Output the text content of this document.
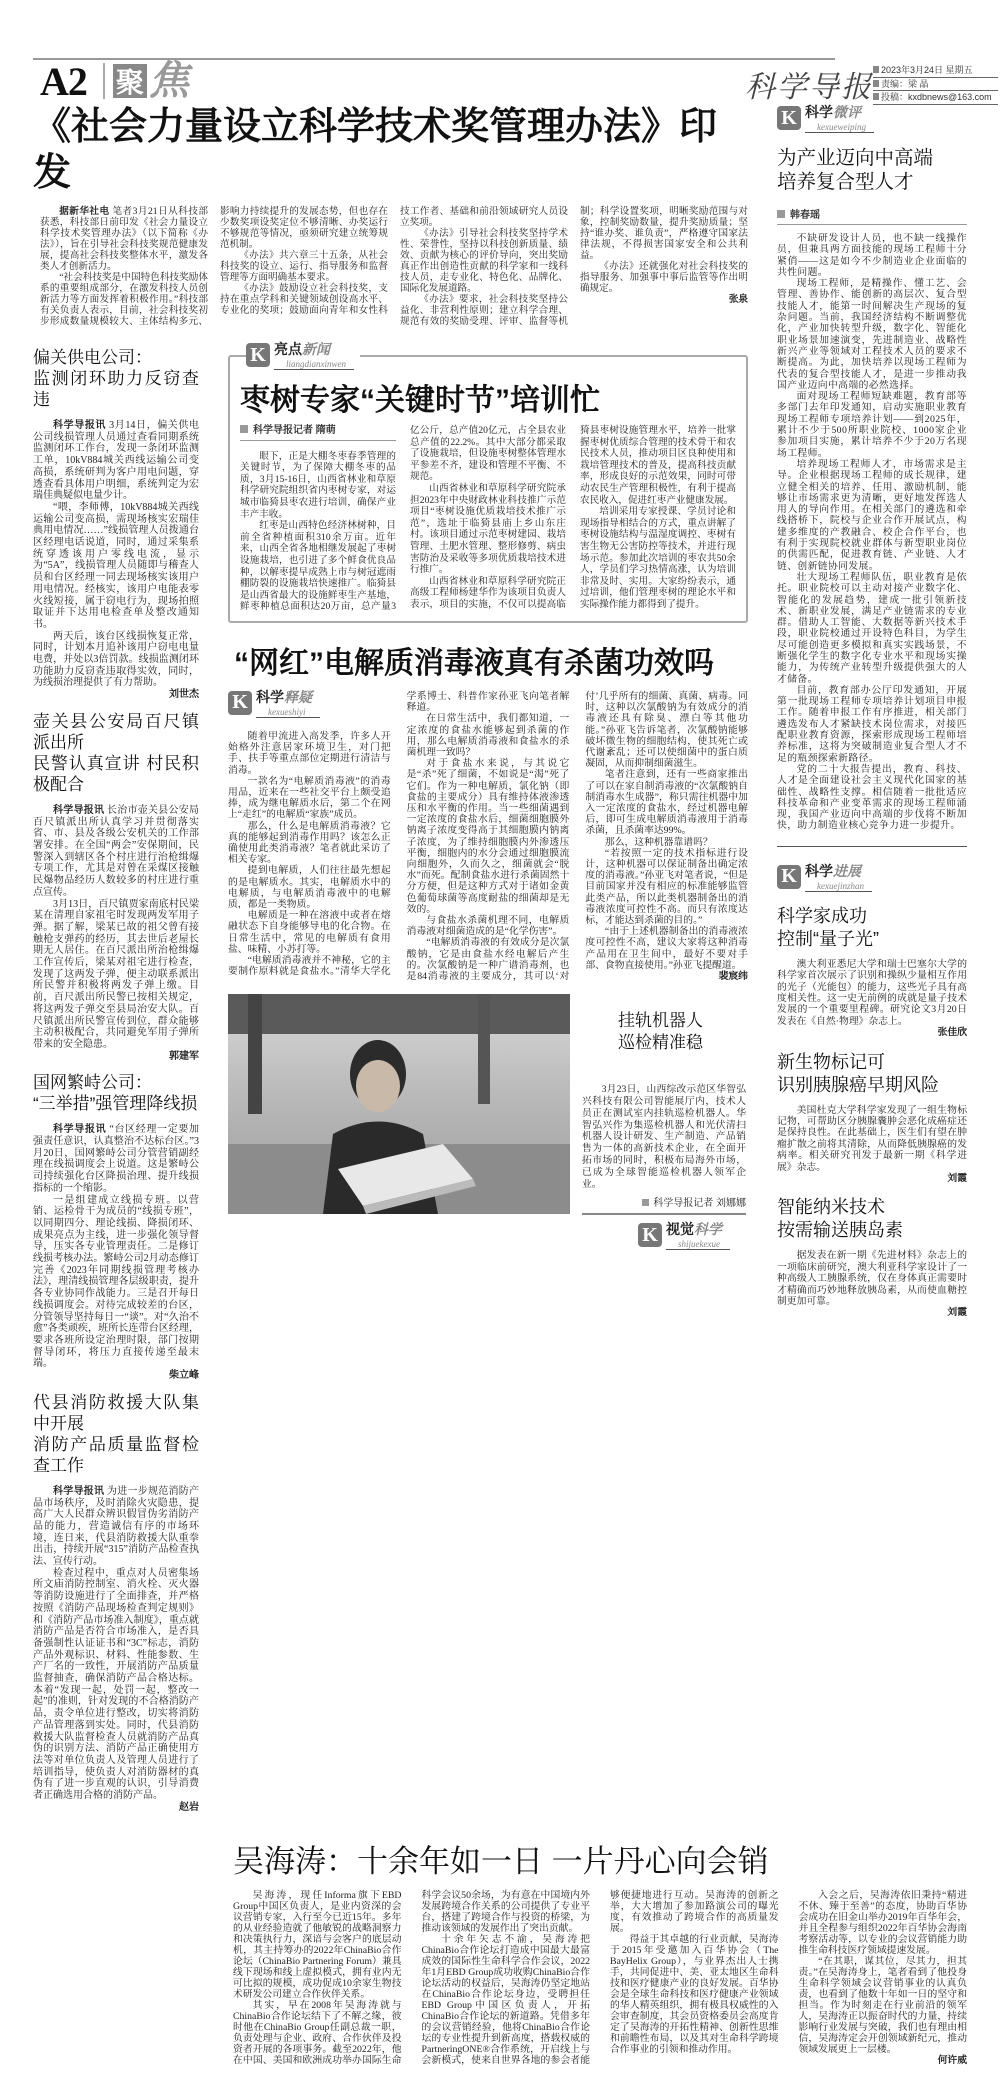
A2 聚 焦	科学导报
2023年3月24日 星期五
责编：梁 晶
投稿：kxdbnews@163.com
《社会力量设立科学技术奖管理办法》印发

据新华社电 笔者3月21日从科技部获悉，科技部日前印发《社会力量设立科学技术奖管理办法》（以下简称《办法》），旨在引导社会科技奖规范健康发展，提高社会科技奖整体水平，激发各类人才创新活力。

“社会科技奖是中国特色科技奖励体系的重要组成部分，在激发科技人员创新活力等方面发挥着积极作用。”科技部有关负责人表示，目前，社会科技奖初步形成数量规模较大、主体结构多元、影响力持续提升的发展态势，但也存在少数奖项设奖定位不够清晰、办奖运行不够规范等情况，亟须研究建立统筹规范机制。

《办法》共六章三十五条，从社会科技奖的设立、运行、指导服务和监督管理等方面明确基本要求。

《办法》鼓励设立社会科技奖，支持在重点学科和关键领域创设高水平、专业化的奖项；鼓励面向青年和女性科技工作者、基础和前沿领域研究人员设立奖项。

《办法》引导社会科技奖坚持学术性、荣誉性，坚持以科技创新质量、绩效、贡献为核心的评价导向，突出奖励真正作出创造性贡献的科学家和一线科技人员，走专业化、特色化、品牌化、国际化发展道路。

《办法》要求，社会科技奖坚持公益化、非营利性原则；建立科学合理、规范有效的奖励受理、评审、监督等机制；科学设置奖项，明晰奖励范围与对象，控制奖励数量，提升奖励质量；坚持“谁办奖、谁负责”，严格遵守国家法律法规，不得损害国家安全和公共利益。

《办法》还就强化对社会科技奖的指导服务、加强事中事后监管等作出明确规定。

张泉

偏关供电公司：
监测闭环助力反窃查违

科学导报讯 3月14日，偏关供电公司线损管理人员通过查看同期系统监测闭环工作台，发现一条闭环监测工单，10kV884城关西线运输公司变高损，系统研判为客户用电问题，穿透查看具体用户明细，系统判定为宏瑞佳典疑似电量少计。

“喂，李师傅，10kV884城关西线运输公司变高损，需现场核实宏瑞佳典用电情况……”线损管理人员拨通台区经理电话说道，同时，通过采集系统穿透该用户零线电流，显示为“5A”，线损管理人员随即与稽查人员和台区经理一同去现场核实该用户用电情况。经核实，该用户电能表零火线短接，属于窃电行为，现场拍照取证并下达用电检查单及整改通知书。

两天后，该台区线损恢复正常，同时，计划本月追补该用户窃电电量电费，并处以3倍罚款。线损监测闭环功能助力反窃查违取得实效，同时，为线损治理提供了有力帮助。

刘世杰

壶关县公安局百尺镇派出所
民警认真宣讲 村民积极配合

科学导报讯 长治市壶关县公安局百尺镇派出所认真学习并贯彻落实省、市、县及各级公安机关的工作部署安排。在全国“两会”安保期间，民警深入到辖区各个村庄进行治枪缉爆专项工作，尤其是对曾在采煤区接触民爆物品经历人数较多的村庄进行重点宣传。

3月13日，百尺镇贾家南底村民梁某在清理自家祖宅时发现两发军用子弹。据了解，梁某已故的祖父曾有接触枪支弹药的经历，其去世后老屋长期无人居住。在百尺派出所治枪缉爆工作宣传后，梁某对祖宅进行检查，发现了这两发子弹，便主动联系派出所民警并积极将两发子弹上缴。目前，百尺派出所民警已按相关规定，将这两发子弹交至县局治安大队。百尺镇派出所民警宣传到位，群众能够主动积极配合，共同避免军用子弹所带来的安全隐患。

郭建军

国网繁峙公司：
“三举措”强管理降线损

科学导报讯 “台区经理一定要加强责任意识，认真整治不达标台区。”3月20日，国网繁峙公司分管营销副经理在线损调度会上说道。这是繁峙公司持续强化台区降损治理、提升线损指标的一个缩影。

一是组建成立线损专班。以营销、运检骨干为成员的“线损专班”，以同期四分、理论线损、降损闭环、成果亮点为主线，进一步强化领导督导，压实各专业管理责任。二是修订线损考核办法。繁峙公司2月动态修订完善《2023年同期线损管理考核办法》，理清线损管理各层级职责，提升各专业协同作战能力。三是召开每日线损调度会。对待完成较差的台区，分管领导坚持每日一“谈”。对“久治不愈”各类顽疾，班所长连带台区经理，要求各班所设定治理时限，部门按期督导闭环，将压力直接传递至最末端。

柴立峰

代县消防救援大队集中开展
消防产品质量监督检查工作

科学导报讯 为进一步规范消防产品市场秩序，及时消除火灾隐患，提高广大人民群众辨识假冒伪劣消防产品的能力，营造诚信有序的市场环境，连日来，代县消防救援大队重拳出击，持续开展“315”消防产品检查执法、宣传行动。

检查过程中，重点对人员密集场所文庙消防控制室、消火栓、灭火器等消防设施进行了全面排查，并严格按照《消防产品现场检查判定规则》和《消防产品市场准入制度》，重点就消防产品是否符合市场准入，是否具备强制性认证证书和“3C”标志，消防产品外观标识、材料、性能参数、生产厂名的一致性，开展消防产品质量监督抽查，确保消防产品合格达标。本着“发现一起，处罚一起，整改一起”的准则，针对发现的不合格消防产品，责令单位进行整改，切实将消防产品管理落到实处。同时，代县消防救援大队监督检查人员就消防产品真伪的识别方法、消防产品正确使用方法等对单位负责人及管理人员进行了培训指导，使负责人对消防器材的真伪有了进一步直观的认识，引导消费者正确选用合格的消防产品。

赵岩

K 亮点新闻
liangdianxinwen
枣树专家“关键时节”培训忙
科学导报记者 隋萌

眼下，正是大棚冬枣春季管理的关键时节，为了保障大棚冬枣的品质，3月15-16日，山西省林业和草原科学研究院组织省内枣树专家，对运城市临猗县枣农进行培训，确保产业丰产丰收。

红枣是山西特色经济林树种，目前全省种植面积310余万亩。近年来，山西全省各地相继发展起了枣树设施栽培，也引进了多个鲜食优良品种，以解枣提早成熟上市与树冠遮雨棚防裂的设施栽培快速推广。临猗县是山西省最大的设施鲜枣生产基地，鲜枣种植总面积达20万亩，总产量3亿公斤，总产值20亿元，占全县农业总产值的22.2%。其中大部分都采取了设施栽培，但设施枣树整体管理水平参差不齐，建设和管理不平衡、不规范。

山西省林业和草原科学研究院承担2023年中央财政林业科技推广示范项目“枣树设施优质栽培技术推广示范”，选址于临猗县庙上乡山东庄村。该项目通过示范枣树建园、栽培管理、土肥水管理、整形修剪、病虫害防治及采收等多项优质栽培技术进行推广。

山西省林业和草原科学研究院正高级工程师杨建华作为该项目负责人表示，项目的实施，不仅可以提高临猗县枣树设施管理水平，培养一批掌握枣树优质综合管理的技术骨干和农民技术人员，推动项目区良种使用和栽培管理技术的普及，提高科技贡献率，形成良好的示范效果，同时可带动农民生产管理积极性，有利于提高农民收入，促进红枣产业健康发展。

培训采用专家授课、学员讨论和现场指导相结合的方式，重点讲解了枣树设施结构与温湿度调控、枣树有害生物无公害防控等技术，并进行现场示范。参加此次培训的枣农共50余人，学员们学习热情高涨，认为培训非常及时、实用。大家纷纷表示，通过培训，他们管理枣树的理论水平和实际操作能力都得到了提升。

“网红”电解质消毒液真有杀菌功效吗
K 科学释疑
kexueshiyi

随着甲流进入高发季，许多人开始格外注意居家环境卫生，对门把手、扶手等重点部位定期进行清洁与消毒。

一款名为“电解质消毒液”的消毒用品，近来在一些社交平台上颇受追捧，成为继电解质水后，第二个在网上“走红”的电解质“家族”成员。

那么，什么是电解质消毒液？它真的能够起到消毒作用吗？该怎么正确使用此类消毒液？笔者就此采访了相关专家。

提到电解质，人们往往最先想起的是电解质水。其实，电解质水中的电解质，与电解质消毒液中的电解质，都是一类物质。

电解质是一种在溶液中或者在熔融状态下自身能够导电的化合物。在日常生活中，常见的电解质有食用盐、味精、小苏打等。

“电解质消毒液并不神秘，它的主要制作原料就是食盐水。”清华大学化学系博士、科普作家孙亚飞向笔者解释道。

在日常生活中，我们都知道，一定浓度的食盐水能够起到杀菌的作用，那么电解质消毒液和食盐水的杀菌机理一致吗？

对于食盐水来说，与其说它是“杀”死了细菌，不如说是“渴”死了它们。作为一种电解质，氯化钠（即食盐的主要成分）具有维持体液渗透压和水平衡的作用。当一些细菌遇到一定浓度的食盐水后，细菌细胞膜外钠离子浓度变得高于其细胞膜内钠离子浓度，为了维持细胞膜内外渗透压平衡，细胞内的水分会通过细胞膜流向细胞外，久而久之，细菌就会“脱水”而死。配制食盐水进行杀菌固然十分方便，但是这种方式对于诸如金黄色葡萄球菌等高度耐盐的细菌却是无效的。

与食盐水杀菌机理不同，电解质消毒液对细菌造成的是“化学伤害”。

“电解质消毒液的有效成分是次氯酸钠，它是由食盐水经电解后产生的。次氯酸钠是一种广谱消毒剂，也是84消毒液的主要成分，其可以‘对付’几乎所有的细菌、真菌、病毒。同时，这种以次氯酸钠为有效成分的消毒液还具有除臭、漂白等其他功能。”孙亚飞告诉笔者，次氯酸钠能够破坏微生物的细胞结构，使其死亡或代谢紊乱；还可以使细菌中的蛋白质凝固，从而抑制细菌滋生。

笔者注意到，还有一些商家推出了可以在家自制消毒液的“次氯酸钠自制消毒水生成器”，称只需往机器中加入一定浓度的食盐水，经过机器电解后，即可生成电解质消毒液用于消毒杀菌，且杀菌率达99%。

那么，这种机器靠谱吗？

“若按照一定的技术指标进行设计，这种机器可以保证制备出确定浓度的消毒液。”孙亚飞对笔者说，“但是目前国家并没有相应的标准能够监管此类产品，所以此类机器制备出的消毒液浓度可控性不高。而只有浓度达标，才能达到杀菌的目的。”

“由于上述机器制备出的消毒液浓度可控性不高，建议大家将这种消毒产品用在卫生间中，最好不要对手部、食物直接使用。”孙亚飞提醒道。

裴宸纬

挂轨机器人
巡检精准稳

3月23日，山西综改示范区华智弘兴科技有限公司智能展厅内，技术人员正在测试室内挂轨巡检机器人。华智弘兴作为集巡检机器人和光伏清扫机器人设计研发、生产制造、产品销售为一体的高新技术企业，在全面开拓市场的同时，积极布局海外市场，已成为全球智能巡检机器人领军企业。

科学导报记者 刘娜娜
K 视觉科学
shijuekexue
K 科学微评
kexueweiping
为产业迈向中高端
培养复合型人才
韩春瑶

不缺研发设计人员，也不缺一线操作员，但兼具两方面技能的现场工程师十分紧俏——这是如今不少制造业企业面临的共性问题。

现场工程师，是精操作、懂工艺、会管理、善协作、能创新的高层次、复合型技能人才，能第一时间解决生产现场的复杂问题。当前，我国经济结构不断调整优化，产业加快转型升级，数字化、智能化职业场景加速演变，先进制造业、战略性新兴产业等领域对工程技术人员的要求不断提高。为此，加快培养以现场工程师为代表的复合型技能人才，是进一步推动我国产业迈向中高端的必然选择。

面对现场工程师短缺难题，教育部等多部门去年印发通知，启动实施职业教育现场工程师专项培养计划——到2025年，累计不少于500所职业院校、1000家企业参加项目实施，累计培养不少于20万名现场工程师。

培养现场工程师人才，市场需求是主导。企业根据现场工程师的成长规律，建立健全相关的培养、任用、激励机制，能够让市场需求更为清晰，更好地发挥选人用人的导向作用。在相关部门的遴选和牵线搭桥下，院校与企业合作开展试点，构建多维度的产教融合、校企合作平台，也有利于实现院校就业群体与新型职业岗位的供需匹配，促进教育链、产业链、人才链、创新链协同发展。

壮大现场工程师队伍，职业教育是依托。职业院校可以主动对接产业数字化、智能化的发展趋势，建成一批引领新技术、新职业发展，满足产业链需求的专业群。借助人工智能、大数据等新兴技术手段，职业院校通过开设特色科目，为学生尽可能创造更多模拟和真实实践场景，不断强化学生的数字化专业水平和现场实操能力，为传统产业转型升级提供强大的人才储备。

目前，教育部办公厅印发通知，开展第一批现场工程师专项培养计划项目申报工作。随着申报工作有序推进，相关部门遴选发布人才紧缺技术岗位需求，对接匹配职业教育资源，探索形成现场工程师培养标准，这将为突破制造业复合型人才不足的瓶颈探索新路径。

党的二十大报告提出，教育、科技、人才是全面建设社会主义现代化国家的基础性、战略性支撑。相信随着一批批适应科技革命和产业变革需求的现场工程师涌现，我国产业迈向中高端的步伐将不断加快，助力制造业核心竞争力进一步提升。

K 科学进展
kexuejinzhan
科学家成功
控制“量子光”

澳大利亚悉尼大学和瑞士巴塞尔大学的科学家首次展示了识别和操纵少量相互作用的光子（光能包）的能力，这些光子具有高度相关性。这一史无前例的成就是量子技术发展的一个重要里程碑。研究论文3月20日发表在《自然·物理》杂志上。

张佳欣

新生物标记可
识别胰腺癌早期风险

美国杜克大学科学家发现了一组生物标记物，可帮助区分胰腺囊肿会恶化成癌症还是保持良性。在此基础上，医生们有望在肿瘤扩散之前将其清除，从而降低胰腺癌的发病率。相关研究刊发于最新一期《科学进展》杂志。

刘霞

智能纳米技术
按需输送胰岛素

据发表在新一期《先进材料》杂志上的一项临床前研究，澳大利亚科学家设计了一种高级人工胰腺系统，仅在身体真正需要时才精确而巧妙地释放胰岛素，从而使血糖控制更加可靠。

刘霞

吴海涛：十余年如一日 一片丹心向会销

吴海涛，现任Informa旗下EBD Group中国区负责人，是业内资深的会议营销专家，入行至今已近15年。多年的从业经验造就了他敏锐的战略洞察力和决策执行力，深谙与会客户的底层动机，其主持筹办的2022年ChinaBio合作论坛（ChinaBio Partnering Forum）兼具线下现场和线上虚拟模式，拥有业内无可比拟的规模，成功促成10余家生物技术研发公司建立合作伙伴关系。

其实，早在2008年吴海涛就与ChinaBio合作论坛结下了不解之缘，彼时他在ChinaBio Group任副总裁一职，负责处理与企业、政府、合作伙伴及投资者开展的各项事务。截至2022年，他在中国、美国和欧洲成功举办国际生命科学会议50余场，为有意在中国境内外发展跨境合作关系的公司提供了专业平台，搭建了跨境合作与投资的桥梁，为推动该领域的发展作出了突出贡献。

十余年矢志不渝，吴海涛把ChinaBio合作论坛打造成中国最大最富成效的国际性生命科学合作会议，2022年1月EBD Group成功收购ChinaBio合作论坛活动的权益后，吴海涛仍坚定地站在ChinaBio合作论坛身边，受聘担任EBD Group中国区负责人，开拓ChinaBio合作论坛的新道路。凭借多年的会议营销经验，他将ChinaBio合作论坛的专业性提升到新高度，搭载权威的PartneringONE®合作系统，开启线上与会新模式，使来自世界各地的参会者能够便捷地进行互动。吴海涛的创新之举，大大增加了参加路演公司的曝光度，有效推动了跨境合作的高质量发展。

得益于其卓越的行业贡献，吴海涛于2015年受邀加入百华协会（The BayHelix Group），与业界杰出人士携手，共同促进中、美、亚太地区生命科技和医疗健康产业的良好发展。百华协会是全球生命科技和医疗健康产业领域的华人精英组织，拥有极具权威性的入会审查制度，其会员资格委员会高度肯定了吴海涛的开拓性精神、创新性思维和前瞻性布局，以及其对生命科学跨境合作事业的引领和推动作用。

入会之后，吴海涛依旧秉持“精进不休、臻于至善”的态度，协助百华协会成功在旧金山举办2019年百华年会，并且全程参与组织2022年百华协会海南考察活动等，以专业的会议营销能力助推生命科技医疗领域提速发展。

“在其职，谋其位，尽其力，担其责。”在吴海涛身上，笔者看到了他投身生命科学领域会议营销事业的认真负责，也看到了他数十年如一日的坚守和担当。作为时刻走在行业前沿的领军人，吴海涛正以振奋时代的力量，持续影响行业发展与突破，我们也有理由相信，吴海涛定会开创领域新纪元，推动领域发展更上一层楼。

何许威
